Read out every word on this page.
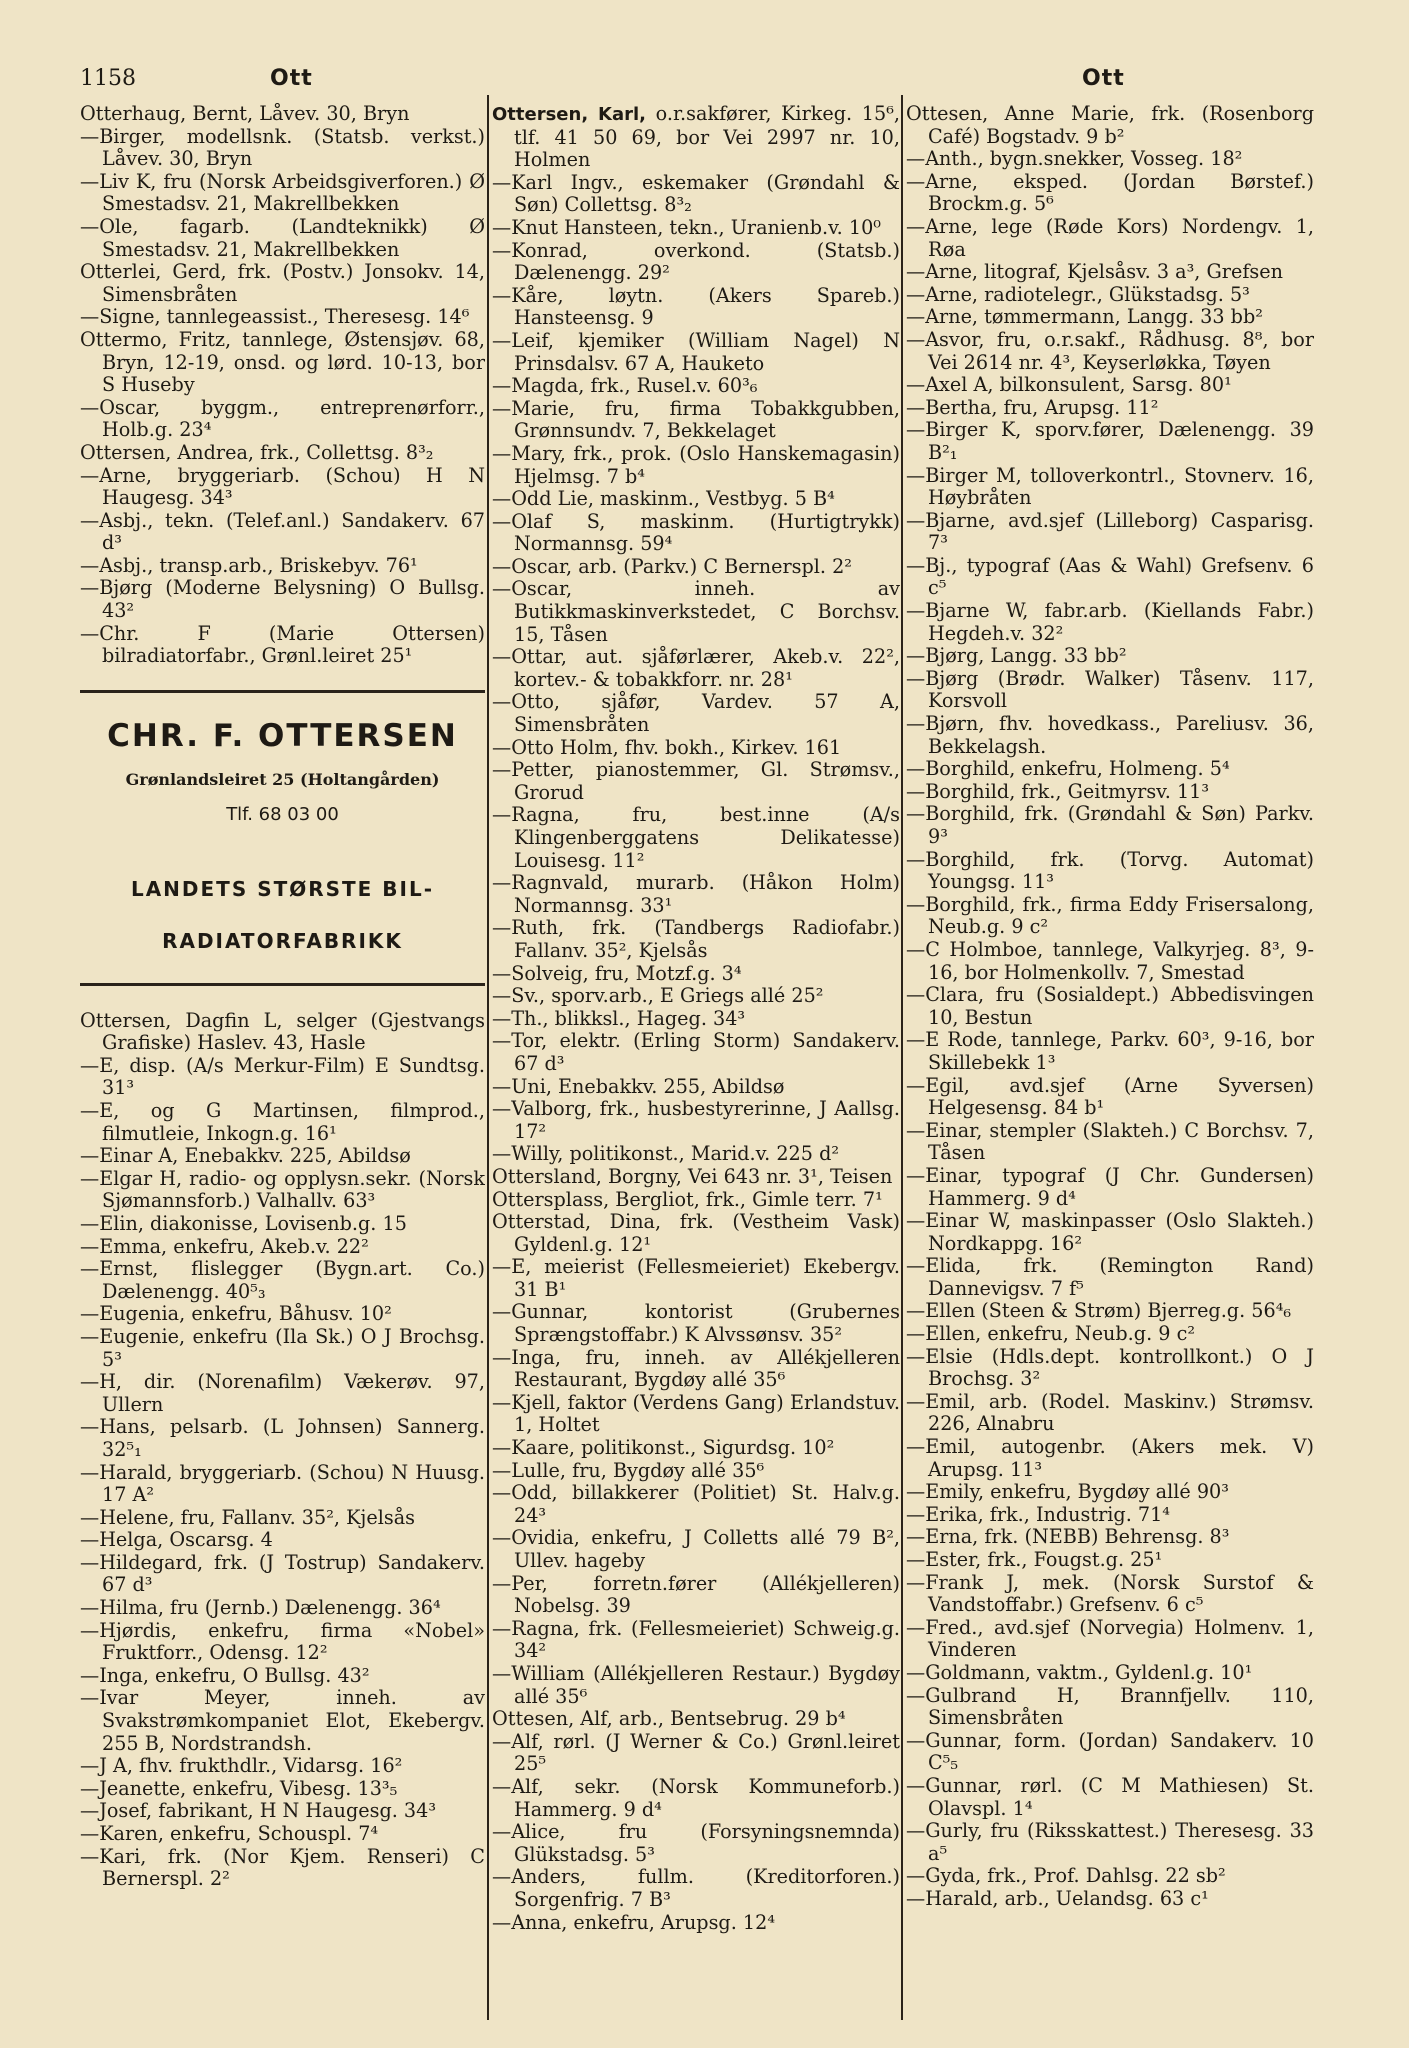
1158	Ott	Ott

Otterhaug, Bernt, Låvev. 30, Bryn

—Birger, modellsnk. (Statsb. verkst.) Låvev. 30, Bryn

—Liv K, fru (Norsk Arbeidsgiverforen.) Ø Smestadsv. 21, Makrellbekken

—Ole, fagarb. (Landteknikk) Ø Smestadsv. 21, Makrellbekken

Otterlei, Gerd, frk. (Postv.) Jonsokv. 14, Simensbråten

—Signe, tannlegeassist., Theresesg. 14⁶

Ottermo, Fritz, tannlege, Østensjøv. 68, Bryn, 12-19, onsd. og lørd. 10-13, bor S Huseby

—Oscar, byggm., entreprenørforr., Holb.g. 23⁴

Ottersen, Andrea, frk., Collettsg. 8³₂

—Arne, bryggeriarb. (Schou) H N Haugesg. 34³

—Asbj., tekn. (Telef.anl.) Sandakerv. 67 d³

—Asbj., transp.arb., Briskebyv. 76¹

—Bjørg (Moderne Belysning) O Bullsg. 43²

—Chr. F (Marie Ottersen) bilradiatorfabr., Grønl.leiret 25¹

CHR. F. OTTERSEN
Grønlandsleiret 25 (Holtangården)
Tlf. 68 03 00
LANDETS STØRSTE BIL-
RADIATORFABRIKK

Ottersen, Dagfin L, selger (Gjestvangs Grafiske) Haslev. 43, Hasle

—E, disp. (A/s Merkur-Film) E Sundtsg. 31³

—E, og G Martinsen, filmprod., filmutleie, Inkogn.g. 16¹

—Einar A, Enebakkv. 225, Abildsø

—Elgar H, radio- og opplysn.sekr. (Norsk Sjømannsforb.) Valhallv. 63³

—Elin, diakonisse, Lovisenb.g. 15

—Emma, enkefru, Akeb.v. 22²

—Ernst, flislegger (Bygn.art. Co.) Dælenengg. 40⁵₃

—Eugenia, enkefru, Båhusv. 10²

—Eugenie, enkefru (Ila Sk.) O J Brochsg. 5³

—H, dir. (Norenafilm) Vækerøv. 97, Ullern

—Hans, pelsarb. (L Johnsen) Sannerg. 32⁵₁

—Harald, bryggeriarb. (Schou) N Huusg. 17 A²

—Helene, fru, Fallanv. 35², Kjelsås

—Helga, Oscarsg. 4

—Hildegard, frk. (J Tostrup) Sandakerv. 67 d³

—Hilma, fru (Jernb.) Dælenengg. 36⁴

—Hjørdis, enkefru, firma «Nobel» Fruktforr., Odensg. 12²

—Inga, enkefru, O Bullsg. 43²

—Ivar Meyer, inneh. av Svakstrømkompaniet Elot, Ekebergv. 255 B, Nordstrandsh.

—J A, fhv. frukthdlr., Vidarsg. 16²

—Jeanette, enkefru, Vibesg. 13³₅

—Josef, fabrikant, H N Haugesg. 34³

—Karen, enkefru, Schouspl. 7⁴

—Kari, frk. (Nor Kjem. Renseri) C Bernerspl. 2²

Ottersen, Karl, o.r.sakfører, Kirkeg. 15⁶, tlf. 41 50 69, bor Vei 2997 nr. 10, Holmen

—Karl Ingv., eskemaker (Grøndahl & Søn) Collettsg. 8³₂

—Knut Hansteen, tekn., Uranienb.v. 10⁰

—Konrad, overkond. (Statsb.) Dælenengg. 29²

—Kåre, løytn. (Akers Spareb.) Hansteensg. 9

—Leif, kjemiker (William Nagel) N Prinsdalsv. 67 A, Hauketo

—Magda, frk., Rusel.v. 60³₆

—Marie, fru, firma Tobakkgubben, Grønnsundv. 7, Bekkelaget

—Mary, frk., prok. (Oslo Hanskemagasin) Hjelmsg. 7 b⁴

—Odd Lie, maskinm., Vestbyg. 5 B⁴

—Olaf S, maskinm. (Hurtigtrykk) Normannsg. 59⁴

—Oscar, arb. (Parkv.) C Bernerspl. 2²

—Oscar, inneh. av Butikkmaskinverkstedet, C Borchsv. 15, Tåsen

—Ottar, aut. sjåførlærer, Akeb.v. 22², kortev.- & tobakkforr. nr. 28¹

—Otto, sjåfør, Vardev. 57 A, Simensbråten

—Otto Holm, fhv. bokh., Kirkev. 161

—Petter, pianostemmer, Gl. Strømsv., Grorud

—Ragna, fru, best.inne (A/s Klingenberggatens Delikatesse) Louisesg. 11²

—Ragnvald, murarb. (Håkon Holm) Normannsg. 33¹

—Ruth, frk. (Tandbergs Radiofabr.) Fallanv. 35², Kjelsås

—Solveig, fru, Motzf.g. 3⁴

—Sv., sporv.arb., E Griegs allé 25²

—Th., blikksl., Hageg. 34³

—Tor, elektr. (Erling Storm) Sandakerv. 67 d³

—Uni, Enebakkv. 255, Abildsø

—Valborg, frk., husbestyrerinne, J Aallsg. 17²

—Willy, politikonst., Marid.v. 225 d²

Ottersland, Borgny, Vei 643 nr. 3¹, Teisen

Ottersplass, Bergliot, frk., Gimle terr. 7¹

Otterstad, Dina, frk. (Vestheim Vask) Gyldenl.g. 12¹

—E, meierist (Fellesmeieriet) Ekebergv. 31 B¹

—Gunnar, kontorist (Grubernes Sprængstoffabr.) K Alvssønsv. 35²

—Inga, fru, inneh. av Allékjelleren Restaurant, Bygdøy allé 35⁶

—Kjell, faktor (Verdens Gang) Erlandstuv. 1, Holtet

—Kaare, politikonst., Sigurdsg. 10²

—Lulle, fru, Bygdøy allé 35⁶

—Odd, billakkerer (Politiet) St. Halv.g. 24³

—Ovidia, enkefru, J Colletts allé 79 B², Ullev. hageby

—Per, forretn.fører (Allékjelleren) Nobelsg. 39

—Ragna, frk. (Fellesmeieriet) Schweig.g. 34²

—William (Allékjelleren Restaur.) Bygdøy allé 35⁶

Ottesen, Alf, arb., Bentsebrug. 29 b⁴

—Alf, rørl. (J Werner & Co.) Grønl.leiret 25⁵

—Alf, sekr. (Norsk Kommuneforb.) Hammerg. 9 d⁴

—Alice, fru (Forsyningsnemnda) Glükstadsg. 5³

—Anders, fullm. (Kreditorforen.) Sorgenfrig. 7 B³

—Anna, enkefru, Arupsg. 12⁴

Ottesen, Anne Marie, frk. (Rosenborg Café) Bogstadv. 9 b²

—Anth., bygn.snekker, Vosseg. 18²

—Arne, eksped. (Jordan Børstef.) Brockm.g. 5⁶

—Arne, lege (Røde Kors) Nordengv. 1, Røa

—Arne, litograf, Kjelsåsv. 3 a³, Grefsen

—Arne, radiotelegr., Glükstadsg. 5³

—Arne, tømmermann, Langg. 33 bb²

—Asvor, fru, o.r.sakf., Rådhusg. 8⁸, bor Vei 2614 nr. 4³, Keyserløkka, Tøyen

—Axel A, bilkonsulent, Sarsg. 80¹

—Bertha, fru, Arupsg. 11²

—Birger K, sporv.fører, Dælenengg. 39 B²₁

—Birger M, tolloverkontrl., Stovnerv. 16, Høybråten

—Bjarne, avd.sjef (Lilleborg) Casparisg. 7³

—Bj., typograf (Aas & Wahl) Grefsenv. 6 c⁵

—Bjarne W, fabr.arb. (Kiellands Fabr.) Hegdeh.v. 32²

—Bjørg, Langg. 33 bb²

—Bjørg (Brødr. Walker) Tåsenv. 117, Korsvoll

—Bjørn, fhv. hovedkass., Pareliusv. 36, Bekkelagsh.

—Borghild, enkefru, Holmeng. 5⁴

—Borghild, frk., Geitmyrsv. 11³

—Borghild, frk. (Grøndahl & Søn) Parkv. 9³

—Borghild, frk. (Torvg. Automat) Youngsg. 11³

—Borghild, frk., firma Eddy Frisersalong, Neub.g. 9 c²

—C Holmboe, tannlege, Valkyrjeg. 8³, 9-16, bor Holmenkollv. 7, Smestad

—Clara, fru (Sosialdept.) Abbedisvingen 10, Bestun

—E Rode, tannlege, Parkv. 60³, 9-16, bor Skillebekk 1³

—Egil, avd.sjef (Arne Syversen) Helgesensg. 84 b¹

—Einar, stempler (Slakteh.) C Borchsv. 7, Tåsen

—Einar, typograf (J Chr. Gundersen) Hammerg. 9 d⁴

—Einar W, maskinpasser (Oslo Slakteh.) Nordkappg. 16²

—Elida, frk. (Remington Rand) Dannevigsv. 7 f⁵

—Ellen (Steen & Strøm) Bjerreg.g. 56⁴₆

—Ellen, enkefru, Neub.g. 9 c²

—Elsie (Hdls.dept. kontrollkont.) O J Brochsg. 3²

—Emil, arb. (Rodel. Maskinv.) Strømsv. 226, Alnabru

—Emil, autogenbr. (Akers mek. V) Arupsg. 11³

—Emily, enkefru, Bygdøy allé 90³

—Erika, frk., Industrig. 71⁴

—Erna, frk. (NEBB) Behrensg. 8³

—Ester, frk., Fougst.g. 25¹

—Frank J, mek. (Norsk Surstof & Vandstoffabr.) Grefsenv. 6 c⁵

—Fred., avd.sjef (Norvegia) Holmenv. 1, Vinderen

—Goldmann, vaktm., Gyldenl.g. 10¹

—Gulbrand H, Brannfjellv. 110, Simensbråten

—Gunnar, form. (Jordan) Sandakerv. 10 C⁵₅

—Gunnar, rørl. (C M Mathiesen) St. Olavspl. 1⁴

—Gurly, fru (Riksskattest.) Theresesg. 33 a⁵

—Gyda, frk., Prof. Dahlsg. 22 sb²

—Harald, arb., Uelandsg. 63 c¹
